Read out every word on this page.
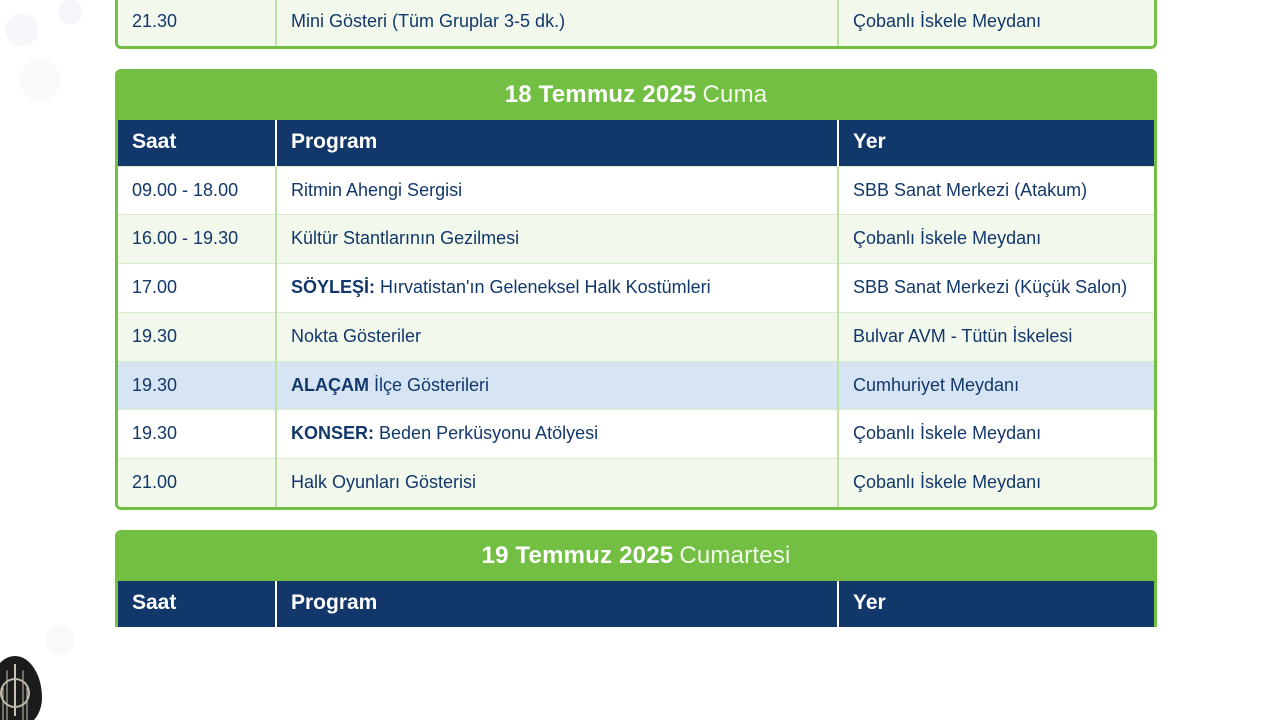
21.30	Mini Gösteri (Tüm Gruplar 3-5 dk.)	Çobanlı İskele Meydanı
18 Temmuz 2025 Cuma
Saat	Program	Yer
09.00 - 18.00	Ritmin Ahengi Sergisi	SBB Sanat Merkezi (Atakum)
16.00 - 19.30	Kültür Stantlarının Gezilmesi	Çobanlı İskele Meydanı
17.00	SÖYLEŞİ: Hırvatistan'ın Geleneksel Halk Kostümleri	SBB Sanat Merkezi (Küçük Salon)
19.30	Nokta Gösteriler	Bulvar AVM - Tütün İskelesi
19.30	ALAÇAM İlçe Gösterileri	Cumhuriyet Meydanı
19.30	KONSER: Beden Perküsyonu Atölyesi	Çobanlı İskele Meydanı
21.00	Halk Oyunları Gösterisi	Çobanlı İskele Meydanı
19 Temmuz 2025 Cumartesi
Saat	Program	Yer
